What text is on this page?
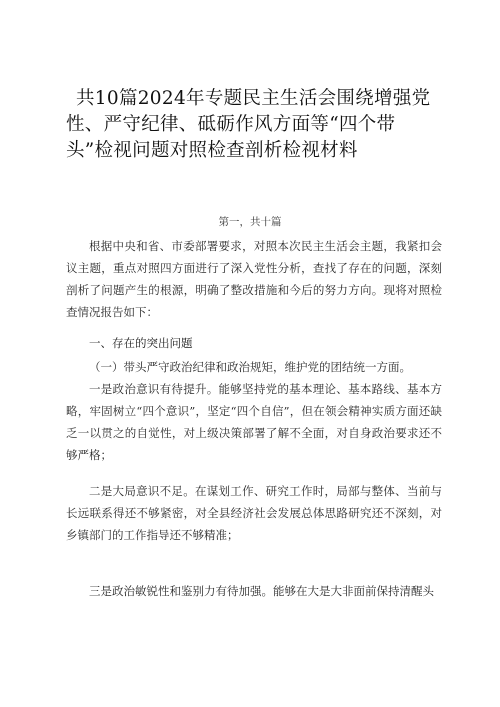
共10篇2024年专题民主生活会围绕增强党性、严守纪律、砥砺作风方面等“四个带头”检视问题对照检查剖析检视材料
第一，共十篇

根据中央和省、市委部署要求，对照本次民主生活会主题，我紧扣会议主题，重点对照四方面进行了深入党性分析，查找了存在的问题，深刻剖析了问题产生的根源，明确了整改措施和今后的努力方向。现将对照检查情况报告如下：

一、存在的突出问题
（一）带头严守政治纪律和政治规矩，维护党的团结统一方面。

一是政治意识有待提升。能够坚持党的基本理论、基本路线、基本方略，牢固树立“四个意识”，坚定“四个自信”，但在领会精神实质方面还缺乏一以贯之的自觉性，对上级决策部署了解不全面，对自身政治要求还不够严格；

二是大局意识不足。在谋划工作、研究工作时，局部与整体、当前与长远联系得还不够紧密，对全县经济社会发展总体思路研究还不深刻，对乡镇部门的工作指导还不够精准；

三是政治敏锐性和鉴别力有待加强。能够在大是大非面前保持清醒头
